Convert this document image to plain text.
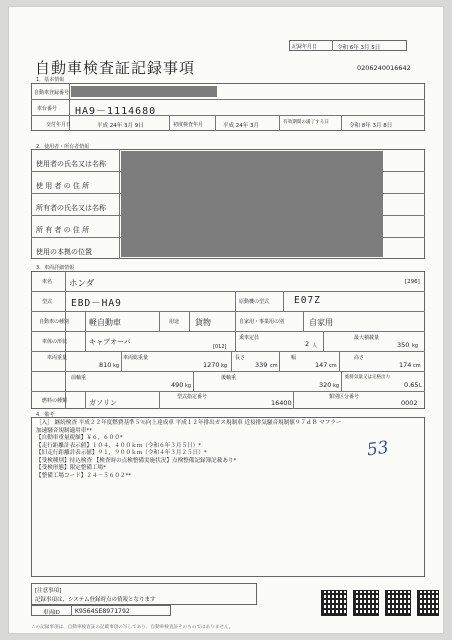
記録年月日	令和 6年 3月 5日
自動車検査証記録事項	0206240016642
1．基本情報
自動車登録番号
車台番号 HA9－1114680
交付年月日	平成 24年 3月 9日	初度検査年月	平成 24年 3月
有効期間の満了する日
令和 8年 3月 8日
2．使用者・所有者情報
使用者の氏名又は名称
使 用 者 の 住 所
所有者の氏名又は名称
所 有 者 の 住 所
使用の本拠の位置
3．車両詳細情報
車名 ホンダ	[296]
型式 EBD－HA9	原動機の型式	E07Z
自動車の種別 軽自動車	用途 貨物	自家用・事業用の別	自家用
車体の形状	キャブオーバ
[012]
乗車定員
2 人
最大積載量
350 kg
車両重量
810 kg
車両総重量
1270 kg
長さ
339 cm
幅
147 cm
高さ
174 cm
前軸重
490 kg
後軸重
320 kg
総排気量又は定格出力
0.65 L
燃料の種類	ガソリン
型式指定番号
16400
類別区分番号
0002
4．備考
［入］ 継続検査 平成２２年度燃費基準５％向上達成車 平成１２年排出ガス規制車 近接排気騒音規制値９７ｄＢ マフラー
加速騒音規制適用車**
【自動車重量税額】￥６，６００*
【走行距離計表示値】１０４，４００ｋｍ（令和６年３月５日）*
【旧走行距離計表示値】９１，９００ｋｍ（令和４年３月２５日）*
【受検種別】持込検査 【検査時の点検整備実施状況】点検整備記録簿記載あり*
【受検形態】限定整備工場*
【整備工場コード】２４－５６０２**
53
[注意事項]
記録事項は、システム登録時点の情報となります
車両ID K9564SE8971792
この記録事項は、自動車検査証の記載事項の写しであり、自動車検査証そのものではありません。
